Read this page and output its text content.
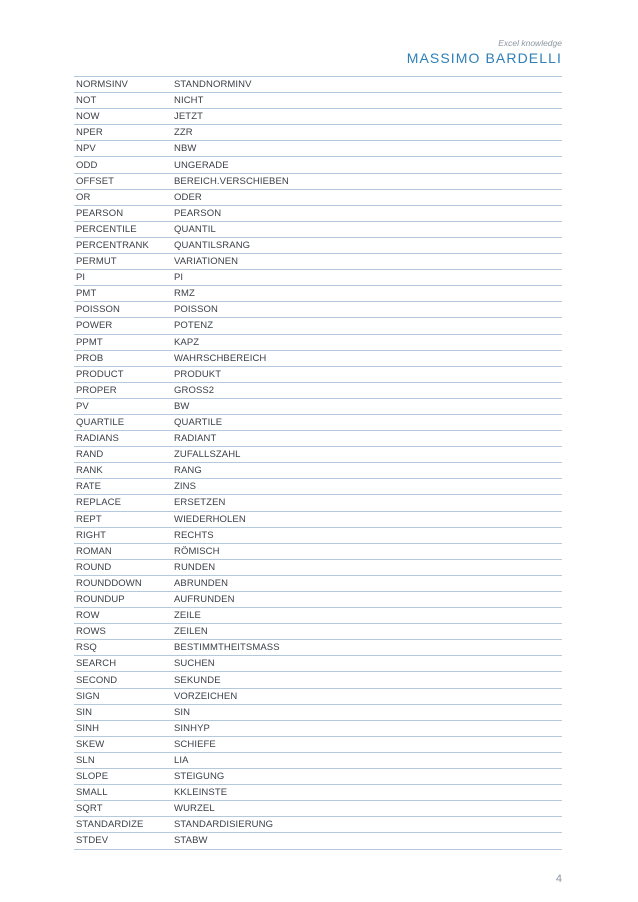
Excel knowledge
MASSIMO BARDELLI
NORMSINV	STANDNORMINV
NOT	NICHT
NOW	JETZT
NPER	ZZR
NPV	NBW
ODD	UNGERADE
OFFSET	BEREICH.VERSCHIEBEN
OR	ODER
PEARSON	PEARSON
PERCENTILE	QUANTIL
PERCENTRANK	QUANTILSRANG
PERMUT	VARIATIONEN
PI	PI
PMT	RMZ
POISSON	POISSON
POWER	POTENZ
PPMT	KAPZ
PROB	WAHRSCHBEREICH
PRODUCT	PRODUKT
PROPER	GROSS2
PV	BW
QUARTILE	QUARTILE
RADIANS	RADIANT
RAND	ZUFALLSZAHL
RANK	RANG
RATE	ZINS
REPLACE	ERSETZEN
REPT	WIEDERHOLEN
RIGHT	RECHTS
ROMAN	RÖMISCH
ROUND	RUNDEN
ROUNDDOWN	ABRUNDEN
ROUNDUP	AUFRUNDEN
ROW	ZEILE
ROWS	ZEILEN
RSQ	BESTIMMTHEITSMASS
SEARCH	SUCHEN
SECOND	SEKUNDE
SIGN	VORZEICHEN
SIN	SIN
SINH	SINHYP
SKEW	SCHIEFE
SLN	LIA
SLOPE	STEIGUNG
SMALL	KKLEINSTE
SQRT	WURZEL
STANDARDIZE	STANDARDISIERUNG
STDEV	STABW
4
